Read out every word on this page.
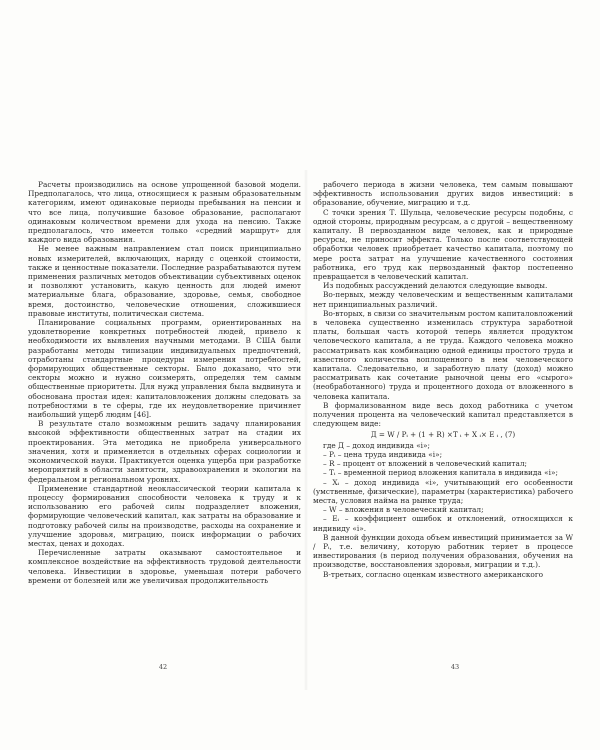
Расчеты производились на основе упрощенной базовой модели. Предполагалось, что лица, относящиеся к разным образовательным категориям, имеют одинаковые периоды пребывания на пенсии и что все лица, получившие базовое образование, располагают одинаковым количеством времени для ухода на пенсию. Также предполагалось, что имеется только «средний маршрут» для каждого вида образования.

Не менее важным направлением стал поиск принципиально новых измерителей, включающих, наряду с оценкой стоимости, также и ценностные показатели. Последние разрабатываются путем применения различных методов объективации субъективных оценок и позволяют установить, какую ценность для людей имеют материальные блага, образование, здоровье, семья, свободное время, достоинство, человеческие отношения, сложившиеся правовые институты, политическая система.

Планирование социальных программ, ориентированных на удовлетворение конкретных потребностей людей, привело к необходимости их выявления научными методами. В США были разработаны методы типизации индивидуальных предпочтений, отработаны стандартные процедуры измерения потребностей, формирующих общественные секторы. Было доказано, что эти секторы можно и нужно соизмерять, определяя тем самым общественные приоритеты. Для нужд управления была выдвинута и обоснована простая идея: капиталовложения должны следовать за потребностями в те сферы, где их неудовлетворение причиняет наибольший ущерб людям [46].

В результате стало возможным решить задачу планирования высокой эффективности общественных затрат на стадии их проектирования. Эта методика не приобрела универсального значения, хотя и применяется в отдельных сферах социологии и экономической науки. Практикуется оценка ущерба при разработке мероприятий в области занятости, здравоохранения и экологии на федеральном и региональном уровнях.

Применение стандартной неоклассической теории капитала к процессу формирования способности человека к труду и к использованию его рабочей силы подразделяет вложения, формирующие человеческий капитал, как затраты на образование и подготовку рабочей силы на производстве, расходы на сохранение и улучшение здоровья, миграцию, поиск информации о рабочих местах, ценах и доходах.

Перечисленные затраты оказывают самостоятельное и комплексное воздействие на эффективность трудовой деятельности человека. Инвестиции в здоровье, уменьшая потери рабочего времени от болезней или же увеличивая продолжительность

42

рабочего периода в жизни человека, тем самым повышают эффективность использования других видов инвестиций: в образование, обучение, миграцию и т.д.

С точки зрения Т. Шульца, человеческие ресурсы подобны, с одной стороны, природным ресурсам, а с другой – вещественному капиталу. В первозданном виде человек, как и природные ресурсы, не приносит эффекта. Только после соответствующей обработки человек приобретает качество капитала, поэтому по мере роста затрат на улучшение качественного состояния работника, его труд как первозданный фактор постепенно превращается в человеческий капитал.

Из подобных рассуждений делаются следующие выводы.

Во-первых, между человеческим и вещественным капиталами нет принципиальных различий.

Во-вторых, в связи со значительным ростом капиталовложений в человека существенно изменилась структура заработной платы, большая часть которой теперь является продуктом человеческого капитала, а не труда. Каждого человека можно рассматривать как комбинацию одной единицы простого труда и известного количества воплощенного в нем человеческого капитала. Следовательно, и заработную плату (доход) можно рассматривать как сочетание рыночной цены его «сырого» (необработанного) труда и процентного дохода от вложенного в человека капитала.

В формализованном виде весь доход работника с учетом получения процента на человеческий капитал представляется в следующем виде:

Д = W / Pᵢ + (1 + R) ×T ᵢ + X ᵢ× E ᵢ , (7)

где Д – доход индивида «i»;

– Pᵢ – цена труда индивида «i»;

– R – процент от вложений в человеческий капитал;

– Tᵢ – временной период вложения капитала в индивида «i»;

– Xᵢ – доход индивида «i», учитывающий его особенности (умственные, физические), параметры (характеристика) рабочего места, условия найма на рынке труда;

– W – вложения в человеческий капитал;

– Eᵢ – коэффициент ошибок и отклонений, относящихся к индивиду «i».

В данной функции дохода объем инвестиций принимается за W / Pᵢ, т.е. величину, которую работник теряет в процессе инвестирования (в период получения образования, обучения на производстве, восстановления здоровья, миграции и т.д.).

В-третьих, согласно оценкам известного американского

43
